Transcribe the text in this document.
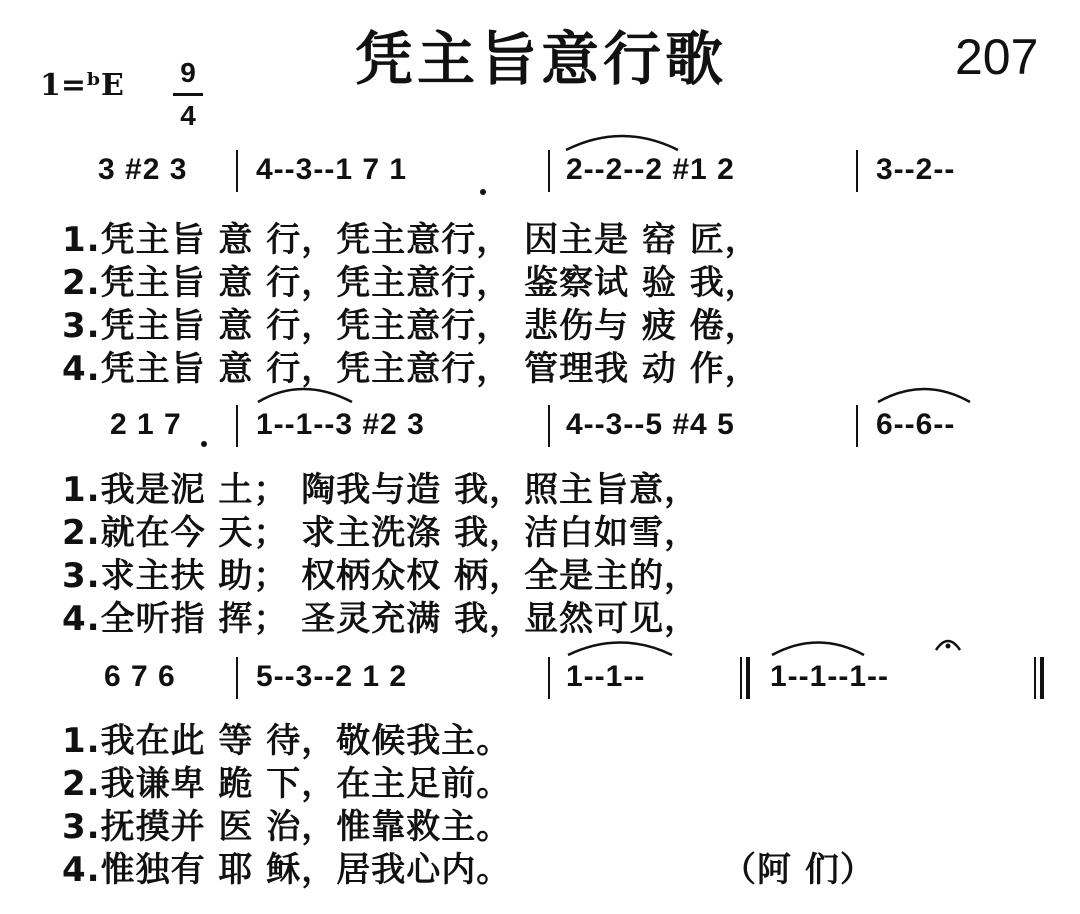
凭主旨意行歌	207
1=ᵇE	9
4
3 #2 3 4--3--1 7 1	2--2--2 #1 2	3--2--
1.凭主旨 意 行，凭主意行， 因主是 窑 匠，
2.凭主旨 意 行，凭主意行， 鉴察试 验 我，
3.凭主旨 意 行，凭主意行， 悲伤与 疲 倦，
4.凭主旨 意 行，凭主意行， 管理我 动 作，
2 1 7 1--1--3 #2 3	4--3--5 #4 5	6--6--
1.我是泥 土； 陶我与造 我，照主旨意，
2.就在今 天； 求主洗涤 我，洁白如雪，
3.求主扶 助； 权柄众权 柄，全是主的，
4.全听指 挥； 圣灵充满 我，显然可见，
6 7 6	5--3--2 1 2	1--1--	1--1--1--
1.我在此 等 待，敬候我主。
2.我谦卑 跪 下，在主足前。
3.抚摸并 医 治，惟靠救主。
4.惟独有 耶 稣，居我心内。	（阿 们）
